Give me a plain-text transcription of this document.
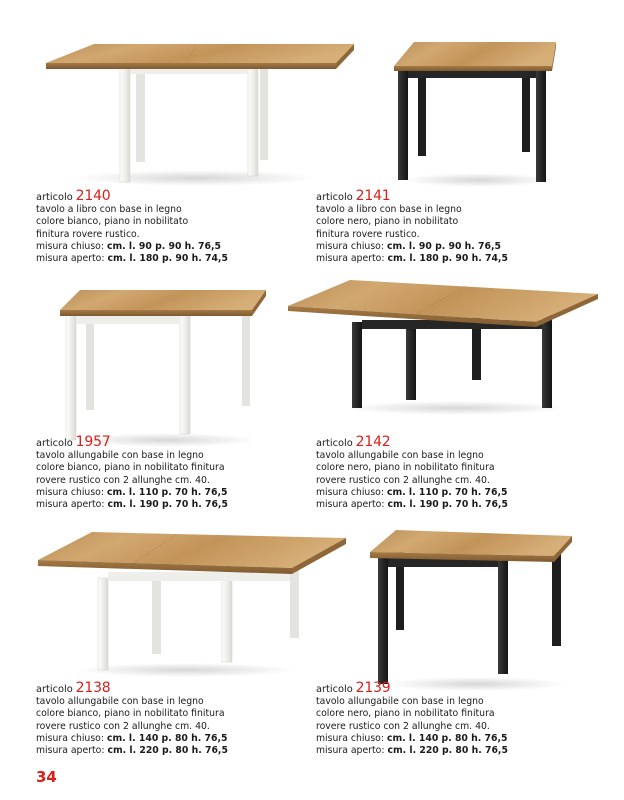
articolo 2140
tavolo a libro con base in legno
colore bianco, piano in nobilitato
finitura rovere rustico.
misura chiuso: cm. l. 90 p. 90 h. 76,5
misura aperto: cm. l. 180 p. 90 h. 74,5
articolo 2141
tavolo a libro con base in legno
colore nero, piano in nobilitato
finitura rovere rustico.
misura chiuso: cm. l. 90 p. 90 h. 76,5
misura aperto: cm. l. 180 p. 90 h. 74,5
articolo 1957
tavolo allungabile con base in legno
colore bianco, piano in nobilitato finitura
rovere rustico con 2 allunghe cm. 40.
misura chiuso: cm. l. 110 p. 70 h. 76,5
misura aperto: cm. l. 190 p. 70 h. 76,5
articolo 2142
tavolo allungabile con base in legno
colore nero, piano in nobilitato finitura
rovere rustico con 2 allunghe cm. 40.
misura chiuso: cm. l. 110 p. 70 h. 76,5
misura aperto: cm. l. 190 p. 70 h. 76,5
articolo 2138
tavolo allungabile con base in legno
colore bianco, piano in nobilitato finitura
rovere rustico con 2 allunghe cm. 40.
misura chiuso: cm. l. 140 p. 80 h. 76,5
misura aperto: cm. l. 220 p. 80 h. 76,5
articolo 2139
tavolo allungabile con base in legno
colore nero, piano in nobilitato finitura
rovere rustico con 2 allunghe cm. 40.
misura chiuso: cm. l. 140 p. 80 h. 76,5
misura aperto: cm. l. 220 p. 80 h. 76,5
34
